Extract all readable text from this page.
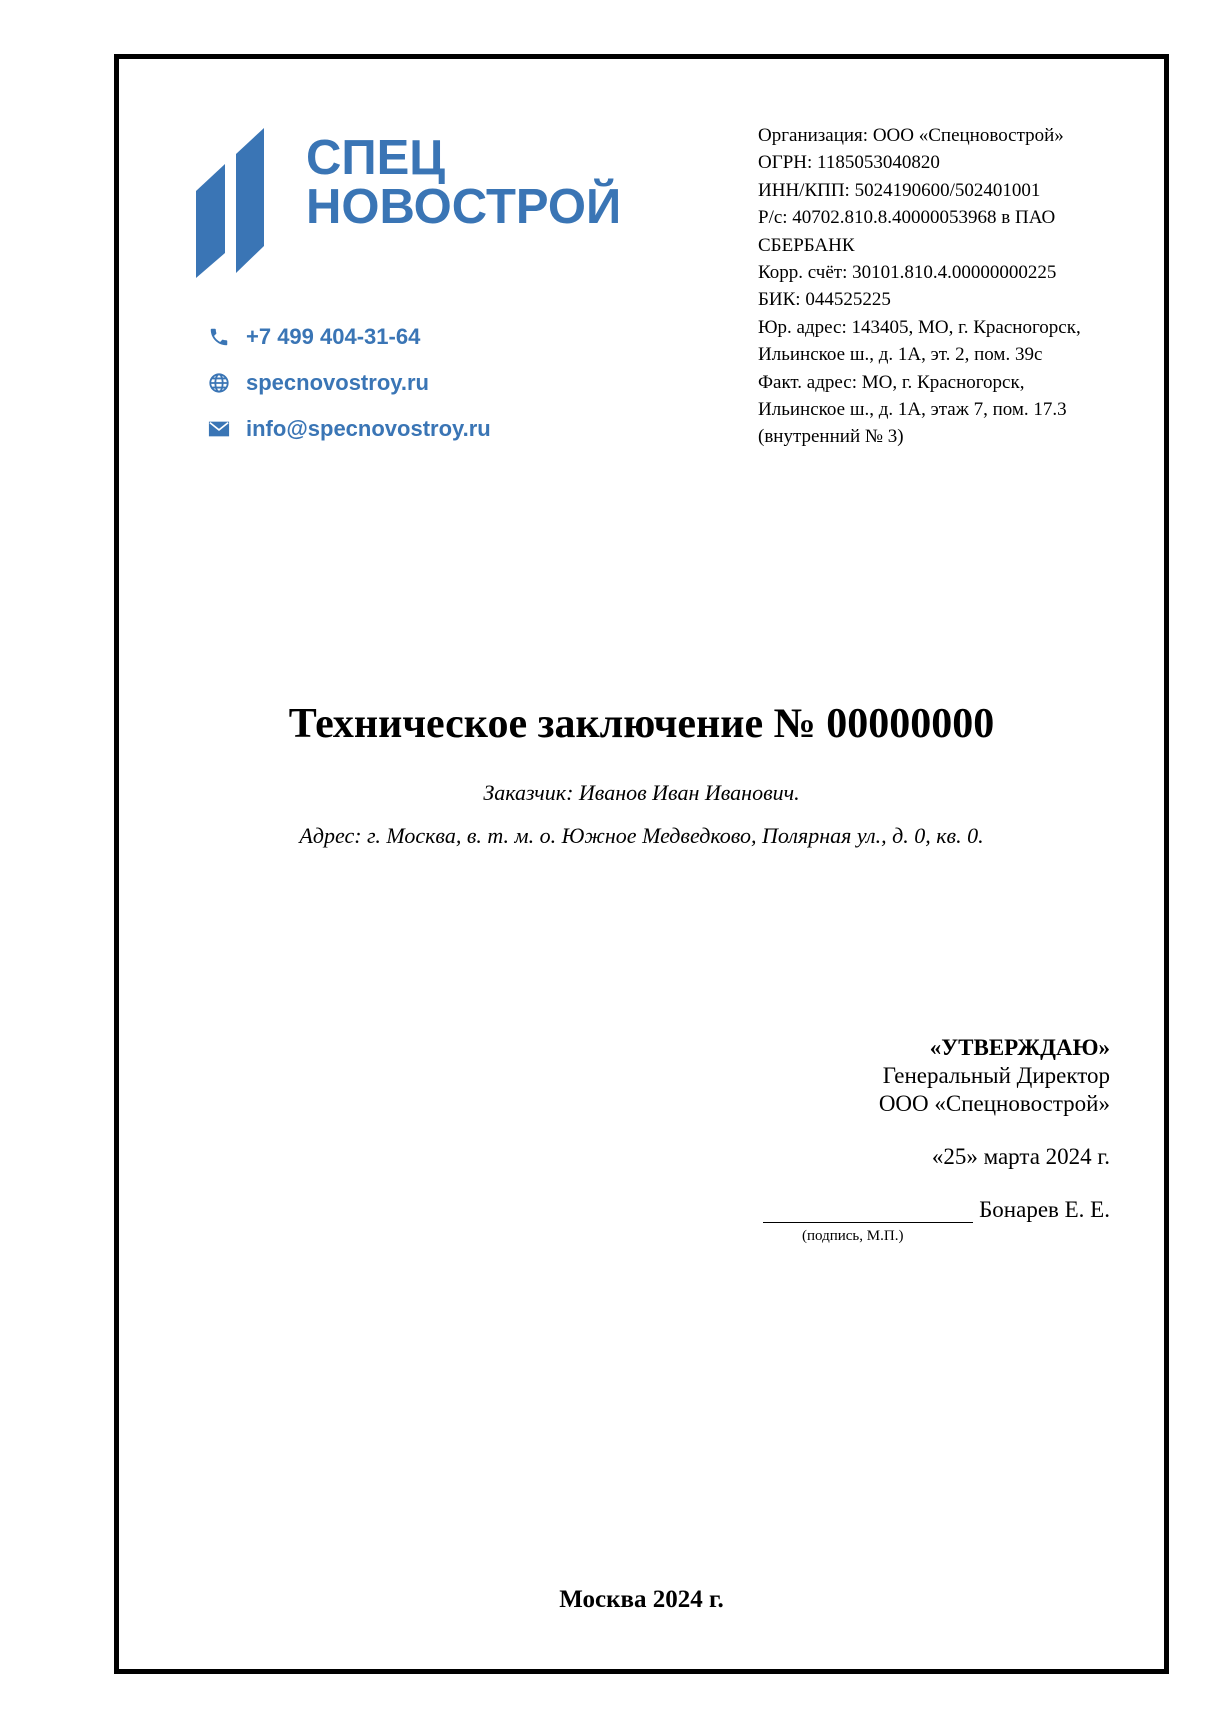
СПЕЦ
НОВОСТРОЙ
+7 499 404-31-64
specnovostroy.ru
info@specnovostroy.ru
Организация: ООО «Спецновострой»
ОГРН: 1185053040820
ИНН/КПП: 5024190600/502401001
Р/с: 40702.810.8.40000053968 в ПАО
СБЕРБАНК
Корр. счёт: 30101.810.4.00000000225
БИК: 044525225
Юр. адрес: 143405, МО, г. Красногорск,
Ильинское ш., д. 1А, эт. 2, пом. 39с
Факт. адрес: МО, г. Красногорск,
Ильинское ш., д. 1А, этаж 7, пом. 17.3
(внутренний № 3)
Техническое заключение № 00000000
Заказчик: Иванов Иван Иванович.
Адрес: г. Москва, в. т. м. о. Южное Медведково, Полярная ул., д. 0, кв. 0.
«УТВЕРЖДАЮ»
Генеральный Директор
ООО «Спецновострой»
«25» марта 2024 г.
Бонарев Е. Е.
(подпись, М.П.)
Москва 2024 г.
